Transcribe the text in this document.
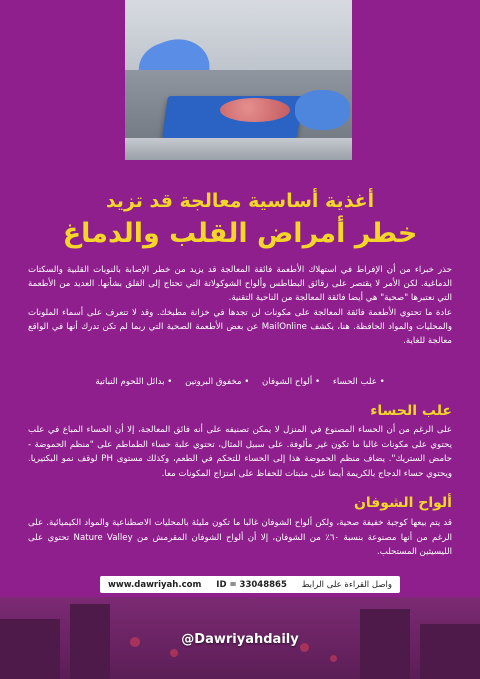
أغذية أساسية معالجة قد تزيد
خطر أمراض القلب والدماغ

حذر خبراء من أن الإفراط في استهلاك الأطعمة فائقة المعالجة قد يزيد من خطر الإصابة بالنوبات القلبية والسكتات الدماغية. لكن الأمر لا يقتصر على رقائق البطاطس وألواح الشوكولاتة التي تحتاج إلى القلق بشأنها. العديد من الأطعمة التي نعتبرها "صحية" هي أيضا فائقة المعالجة من الناحية التقنية.

عادة ما تحتوي الأطعمة فائقة المعالجة على مكونات لن تجدها في خزانة مطبخك. وقد لا تتعرف على أسماء الملونات والمحليات والمواد الحافظة. هنا، يكشف MailOnline عن بعض الأطعمة الصحية التي ربما لم تكن تدرك أنها في الواقع معالجة للغاية.

• علب الحساء • ألواح الشوفان • مخفوق البروتين • بدائل اللحوم النباتية
علب الحساء

على الرغم من أن الحساء المصنوع في المنزل لا يمكن تصنيفه على أنه فائق المعالجة، إلا أن الحساء المباع في علب يحتوي على مكونات غالبا ما تكون غير مألوفة. على سبيل المثال، تحتوي علبة حساء الطماطم على "منظم الحموضة - حامض الستريك". يضاف منظم الحموضة هذا إلى الحساء للتحكم في الطعم، وكذلك مستوى PH لوقف نمو البكتيريا. ويحتوي حساء الدجاج بالكريمة أيضا على مثبتات للحفاظ على امتزاج المكونات معا.

ألواح الشوفان

قد يتم بيعها كوجبة خفيفة صحية، ولكن ألواح الشوفان غالبا ما تكون مليئة بالمحليات الاصطناعية والمواد الكيميائية. على الرغم من أنها مصنوعة بنسبة ٦٠٪ من الشوفان، إلا أن ألواح الشوفان المقرمش من Nature Valley تحتوي على الليسيثين المستحلب.

www.dawriyah.com ID = 33048865	واصل القراءة على الرابط

@Dawriyahdaily
